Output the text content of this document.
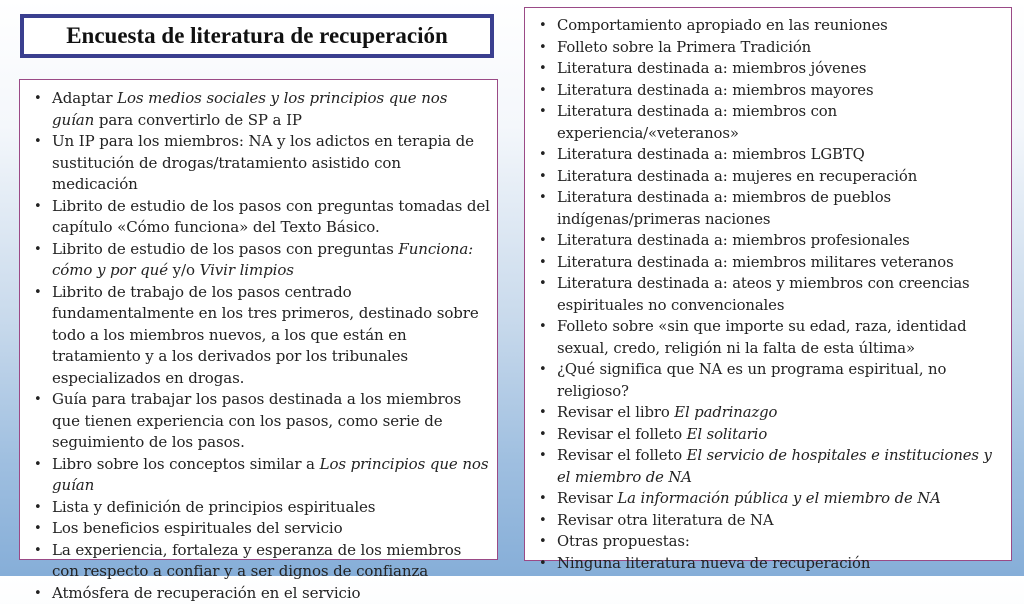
Encuesta de literatura de recuperación
• Adaptar Los medios sociales y los principios que nos guían para convertirlo de SP a IP
• Un IP para los miembros: NA y los adictos en terapia de sustitución de drogas/tratamiento asistido con medicación
• Librito de estudio de los pasos con preguntas tomadas del capítulo «Cómo funciona» del Texto Básico.
• Librito de estudio de los pasos con preguntas Funciona: cómo y por qué y/o Vivir limpios
• Librito de trabajo de los pasos centrado fundamentalmente en los tres primeros, destinado sobre todo a los miembros nuevos, a los que están en tratamiento y a los derivados por los tribunales especializados en drogas.
• Guía para trabajar los pasos destinada a los miembros que tienen experiencia con los pasos, como serie de seguimiento de los pasos.
• Libro sobre los conceptos similar a Los principios que nos guían
• Lista y definición de principios espirituales
• Los beneficios espirituales del servicio
• La experiencia, fortaleza y esperanza de los miembros con respecto a confiar y a ser dignos de confianza
• Atmósfera de recuperación en el servicio
• Comportamiento apropiado en las reuniones
• Folleto sobre la Primera Tradición
• Literatura destinada a: miembros jóvenes
• Literatura destinada a: miembros mayores
• Literatura destinada a: miembros con experiencia/«veteranos»
• Literatura destinada a: miembros LGBTQ
• Literatura destinada a: mujeres en recuperación
• Literatura destinada a: miembros de pueblos indígenas/primeras naciones
• Literatura destinada a: miembros profesionales
• Literatura destinada a: miembros militares veteranos
• Literatura destinada a: ateos y miembros con creencias espirituales no convencionales
• Folleto sobre «sin que importe su edad, raza, identidad sexual, credo, religión ni la falta de esta última»
• ¿Qué significa que NA es un programa espiritual, no religioso?
• Revisar el libro El padrinazgo
• Revisar el folleto El solitario
• Revisar el folleto El servicio de hospitales e instituciones y el miembro de NA
• Revisar La información pública y el miembro de NA
• Revisar otra literatura de NA
• Otras propuestas:
• Ninguna literatura nueva de recuperación
